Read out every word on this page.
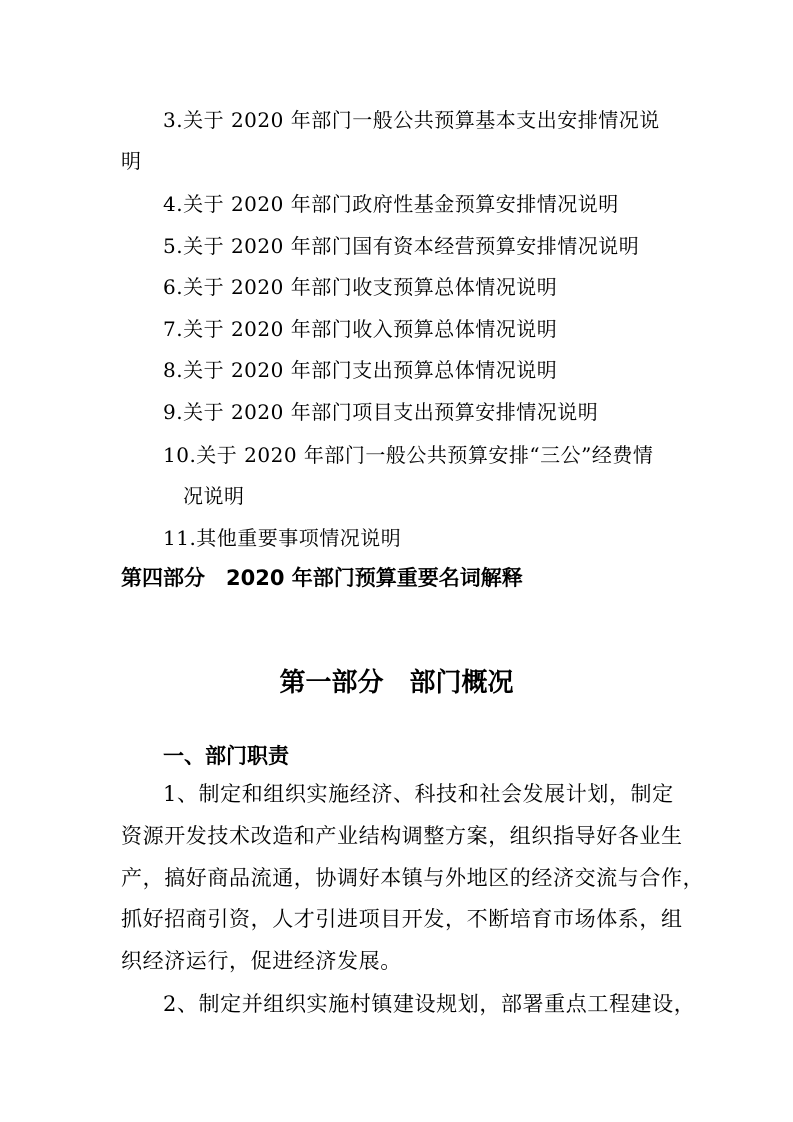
3.关于 2020 年部门一般公共预算基本支出安排情况说
明
4.关于 2020 年部门政府性基金预算安排情况说明
5.关于 2020 年部门国有资本经营预算安排情况说明
6.关于 2020 年部门收支预算总体情况说明
7.关于 2020 年部门收入预算总体情况说明
8.关于 2020 年部门支出预算总体情况说明
9.关于 2020 年部门项目支出预算安排情况说明
10.关于 2020 年部门一般公共预算安排“三公”经费情
况说明
11.其他重要事项情况说明
第四部分　2020 年部门预算重要名词解释
第一部分　部门概况
一、部门职责
1、制定和组织实施经济、科技和社会发展计划，制定
资源开发技术改造和产业结构调整方案，组织指导好各业生
产，搞好商品流通，协调好本镇与外地区的经济交流与合作，
抓好招商引资，人才引进项目开发，不断培育市场体系，组
织经济运行，促进经济发展。
2、制定并组织实施村镇建设规划，部署重点工程建设，
